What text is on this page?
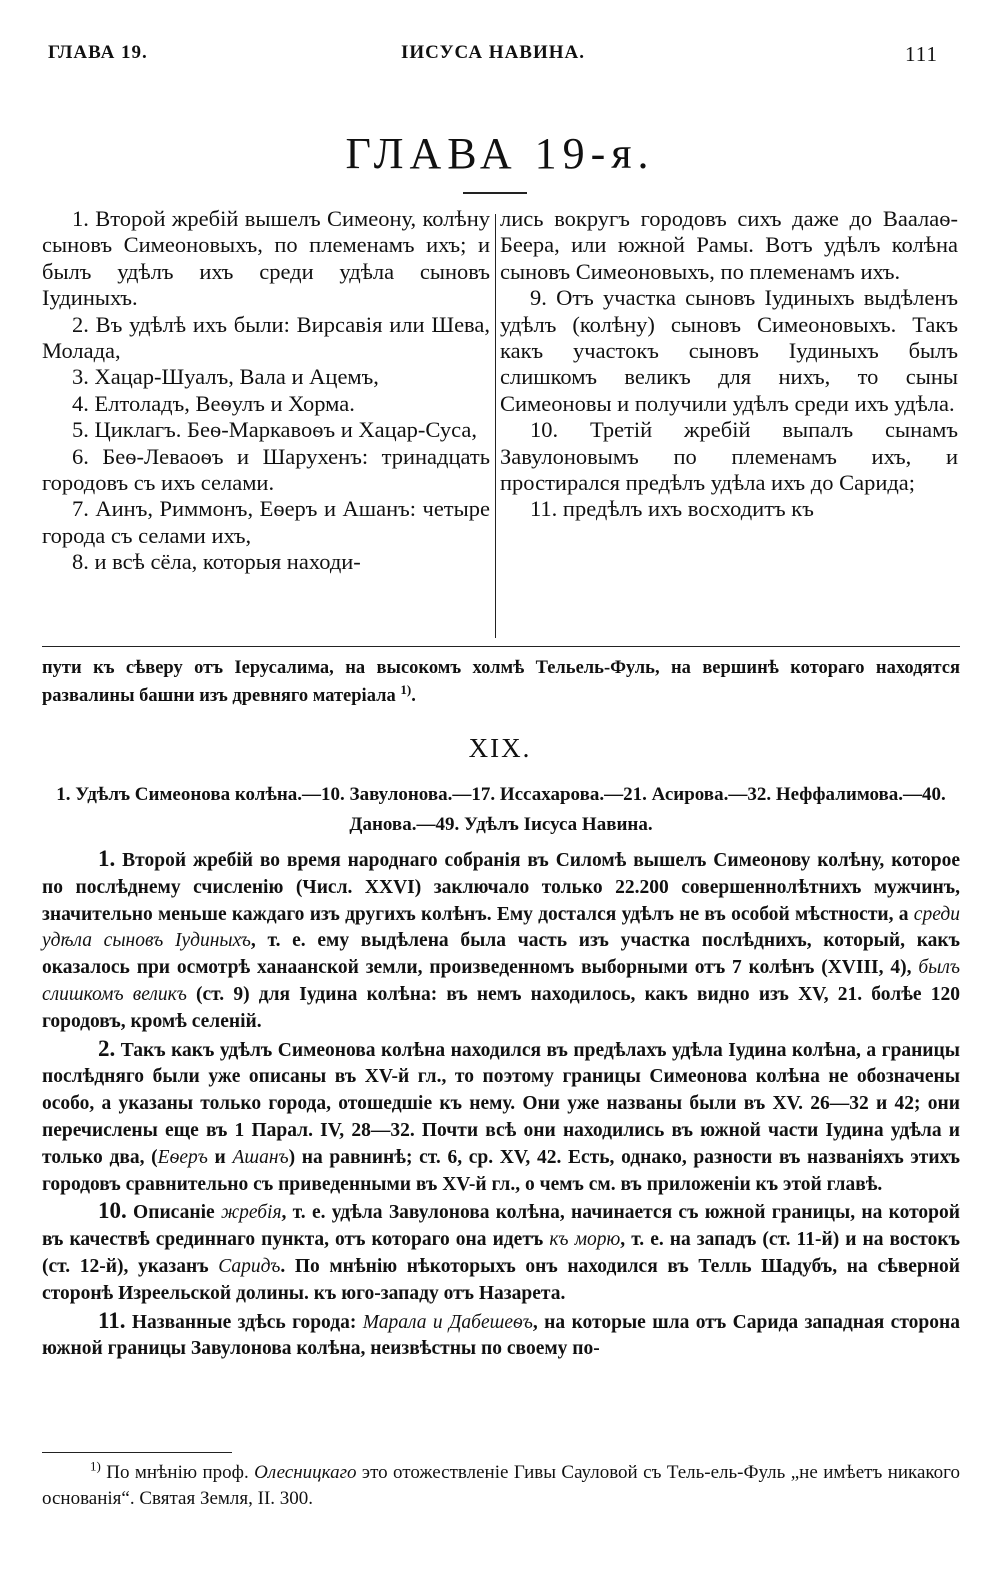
ГЛАВА 19.	ІИСУСА НАВИНА.	111
ГЛАВА 19-я.

1. Второй жребій вышелъ Симеону, колѣну сыновъ Симеоновыхъ, по племенамъ ихъ; и былъ удѣлъ ихъ среди удѣла сыновъ Іудиныхъ.

2. Въ удѣлѣ ихъ были: Вирсавія или Шева, Молада,

3. Хацар-Шуалъ, Вала и Ацемъ,

4. Елтоладъ, Веѳулъ и Хорма.

5. Циклагъ. Беѳ-Маркавоѳъ и Хацар-Суса,

6. Беѳ-Леваоѳъ и Шарухенъ: тринадцать городовъ съ ихъ селами.

7. Аинъ, Риммонъ, Еѳеръ и Ашанъ: четыре города съ селами ихъ,

8. и всѣ сёла, которыя находи-

лись вокругъ городовъ сихъ даже до Ваалаѳ-Беера, или южной Рамы. Вотъ удѣлъ колѣна сыновъ Симеоновыхъ, по племенамъ ихъ.

9. Отъ участка сыновъ Іудиныхъ выдѣленъ удѣлъ (колѣну) сыновъ Симеоновыхъ. Такъ какъ участокъ сыновъ Іудиныхъ былъ слишкомъ великъ для нихъ, то сыны Симеоновы и получили удѣлъ среди ихъ удѣла.

10. Третій жребій выпалъ сынамъ Завулоновымъ по племенамъ ихъ, и простирался предѣлъ удѣла ихъ до Сарида;

11. предѣлъ ихъ восходитъ къ

пути къ сѣверу отъ Іерусалима, на высокомъ холмѣ Тельель-Фуль, на вершинѣ котораго находятся развалины башни изъ древняго матеріала $^{1)}$.

XIX.
1. Удѣлъ Симеонова колѣна.—10. Завулонова.—17. Иссахарова.—21. Асирова.—32. Неффалимова.—40. Данова.—49. Удѣлъ Іисуса Навина.

1. Второй жребій во время народнаго собранія въ Силомѣ вышелъ Симеонову колѣну, которое по послѣднему счисленію (Числ. XXVI) заключало только 22.200 совершеннолѣтнихъ мужчинъ, значительно меньше каждаго изъ другихъ колѣнъ. Ему достался удѣлъ не въ особой мѣстности, а среди удѣла сыновъ Іудиныхъ, т. е. ему выдѣлена была часть изъ участка послѣднихъ, который, какъ оказалось при осмотрѣ ханаанской земли, произведенномъ выборными отъ 7 колѣнъ (XVIII, 4), былъ слишкомъ великъ (ст. 9) для Іудина колѣна: въ немъ находилось, какъ видно изъ XV, 21. болѣе 120 городовъ, кромѣ селеній.

2. Такъ какъ удѣлъ Симеонова колѣна находился въ предѣлахъ удѣла Іудина колѣна, а границы послѣдняго были уже описаны въ XV-й гл., то поэтому границы Симеонова колѣна не обозначены особо, а указаны только города, отошедшіе къ нему. Они уже названы были въ XV. 26—32 и 42; они перечислены еще въ 1 Парал. IV, 28—32. Почти всѣ они находились въ южной части Іудина удѣла и только два, (Еѳеръ и Ашанъ) на равнинѣ; ст. 6, ср. XV, 42. Есть, однако, разности въ названіяхъ этихъ городовъ сравнительно съ приведенными въ XV-й гл., о чемъ см. въ приложеніи къ этой главѣ.

10. Описаніе жребія, т. е. удѣла Завулонова колѣна, начинается съ южной границы, на которой въ качествѣ срединнаго пункта, отъ котораго она идетъ къ морю, т. е. на западъ (ст. 11-й) и на востокъ (ст. 12-й), указанъ Саридъ. По мнѣнію нѣкоторыхъ онъ находился въ Телль Шадубъ, на сѣверной сторонѣ Изреельской долины. къ юго-западу отъ Назарета.

11. Названные здѣсь города: Марала и Дабешеѳъ, на которые шла отъ Сарида западная сторона южной границы Завулонова колѣна, неизвѣстны по своему по-

$^{1)}$ По мнѣнію проф. Олесницкаго это отожествленіе Гивы Сауловой съ Тель-ель-Фуль „не имѣетъ никакого основанія“. Святая Земля, II. 300.
